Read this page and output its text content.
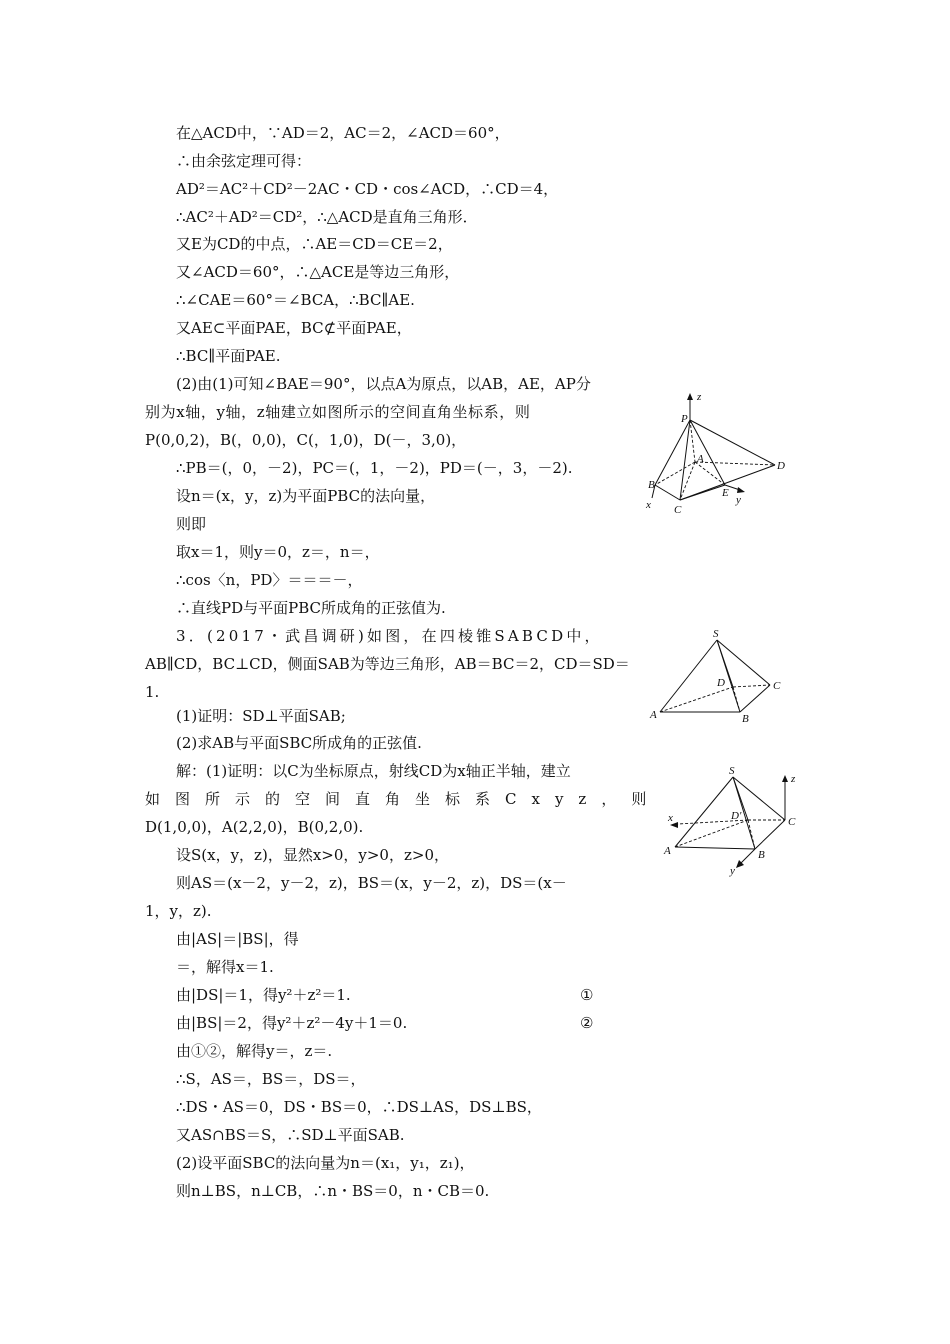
在△ACD中，∵AD＝2，AC＝2，∠ACD＝60°，
∴由余弦定理可得：
AD²＝AC²＋CD²－2AC・CD・cos∠ACD，∴CD＝4，
∴AC²＋AD²＝CD²，∴△ACD是直角三角形．
又E为CD的中点，∴AE＝CD＝CE＝2，
又∠ACD＝60°，∴△ACE是等边三角形，
∴∠CAE＝60°＝∠BCA，∴BC∥AE.
又AE⊂平面PAE，BC⊄平面PAE，
∴BC∥平面PAE.
(2)由(1)可知∠BAE＝90°，以点A为原点，以AB，AE，AP分
别为x轴，y轴，z轴建立如图所示的空间直角坐标系，则
P(0,0,2)，B(，0,0)，C(，1,0)，D(－，3,0)，
∴PB＝(，0，－2)，PC＝(，1，－2)，PD＝(－，3，－2).
设n＝(x，y，z)为平面PBC的法向量，
则即
取x＝1，则y＝0，z＝，n＝，
∴cos〈n，PD〉＝＝＝－，
∴直线PD与平面PBC所成角的正弦值为.
3．(2017・武昌调研)如图，在四棱锥SABCD中，
AB∥CD，BC⊥CD，侧面SAB为等边三角形，AB＝BC＝2，CD＝SD＝
1.
(1)证明：SD⊥平面SAB;
(2)求AB与平面SBC所成角的正弦值.
解：(1)证明：以C为坐标原点，射线CD为x轴正半轴，建立
如图所示的空间直角坐标系Cxyz，则
D(1,0,0)，A(2,2,0)，B(0,2,0).
设S(x，y，z)，显然x>0，y>0，z>0，
则AS＝(x－2，y－2，z)，BS＝(x，y－2，z)，DS＝(x－
1，y，z).
由|AS|＝|BS|，得
＝，解得x＝1.
由|DS|＝1，得y²＋z²＝1.	①
由|BS|＝2，得y²＋z²－4y＋1＝0.	②
由①②，解得y＝，z＝.
∴S，AS＝，BS＝，DS＝，
∴DS・AS＝0，DS・BS＝0，∴DS⊥AS，DS⊥BS，
又AS∩BS＝S，∴SD⊥平面SAB.
(2)设平面SBC的法向量为n＝(x₁，y₁，z₁)，
则n⊥BS，n⊥CB，∴n・BS＝0，n・CB＝0.
P
z
A
D
B
E
y
x C
S
D	C
A	B
S
z
x	D'	C
A	B
y
